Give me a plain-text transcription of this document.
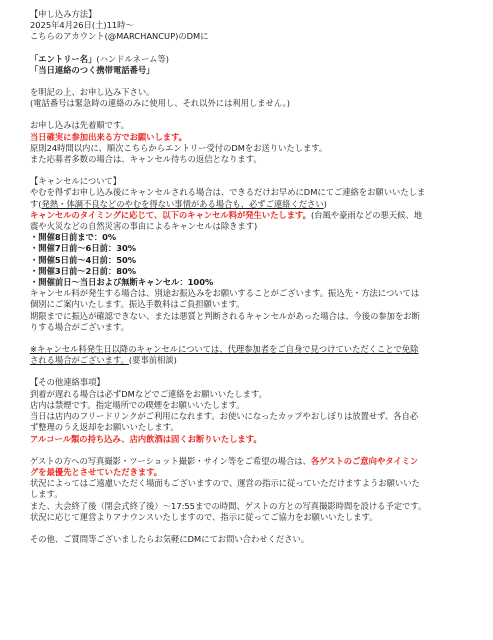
【申し込み方法】
2025年4月26日(土)11時～
こちらのアカウント(@MARCHANCUP)のDMに
「エントリー名」(ハンドルネーム等)
「当日連絡のつく携帯電話番号」
を明記の上、お申し込み下さい。
(電話番号は緊急時の連絡のみに使用し、それ以外には利用しません。)
お申し込みは先着順です。
当日確実に参加出来る方でお願いします。
原則24時間以内に、順次こちらからエントリー受付のDMをお送りいたします。
また応募者多数の場合は、キャンセル待ちの返信となります。
【キャンセルについて】
やむを得ずお申し込み後にキャンセルされる場合は、できるだけお早めにDMにてご連絡をお願いいたしま
す(発熱・体調不良などのやむを得ない事情がある場合も、必ずご連絡ください)
キャンセルのタイミングに応じて、以下のキャンセル料が発生いたします。(台風や豪雨などの悪天候、地
震や火災などの自然災害の事由によるキャンセルは除きます)
・開催8日前まで：0%
・開催7日前～6日前：30%
・開催5日前～4日前：50%
・開催3日前～2日前：80%
・開催前日～当日および無断キャンセル：100%
キャンセル料が発生する場合は、別途お振込みをお願いすることがございます。振込先・方法については
個別にご案内いたします。振込手数料はご負担願います。
期限までに振込が確認できない、または悪質と判断されるキャンセルがあった場合は、今後の参加をお断
りする場合がございます。
※キャンセル料発生日以降のキャンセルについては、代理参加者をご自身で見つけていただくことで免除
される場合がございます。(要事前相談)
【その他連絡事項】
到着が遅れる場合は必ずDMなどでご連絡をお願いいたします。
店内は禁煙です。指定場所での喫煙をお願いいたします。
当日は店内のフリードリンクがご利用になれます。お使いになったカップやおしぼりは放置せず、各自必
ず整理のうえ返却をお願いいたします。
アルコール類の持ち込み、店内飲酒は固くお断りいたします。
ゲストの方への写真撮影・ツーショット撮影・サイン等をご希望の場合は、各ゲストのご意向やタイミン
グを最優先とさせていただきます。
状況によってはご遠慮いただく場面もございますので、運営の指示に従っていただけますようお願いいた
します。
また、大会終了後（閉会式終了後）～17:55までの時間、ゲストの方との写真撮影時間を設ける予定です。
状況に応じて運営よりアナウンスいたしますので、指示に従ってご協力をお願いいたします。
その他、ご質問等ございましたらお気軽にDMにてお問い合わせください。
